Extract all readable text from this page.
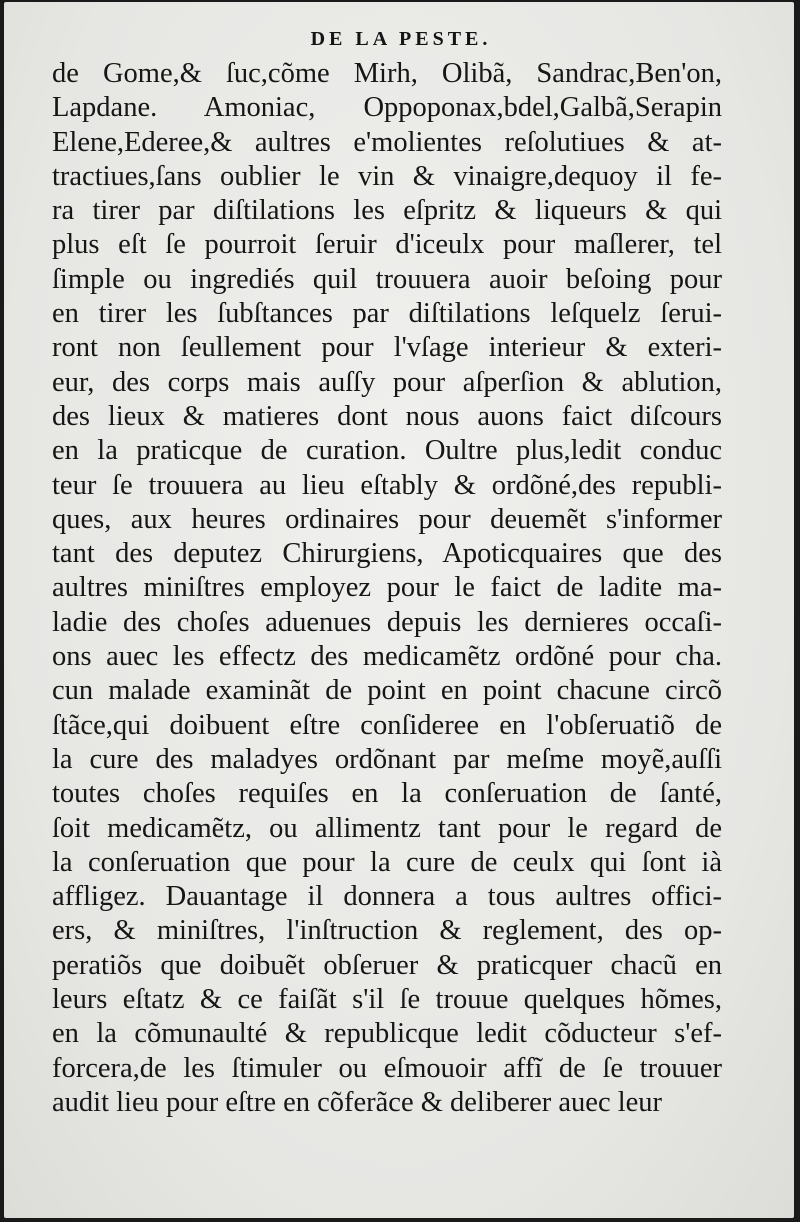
DE LA PESTE.
de Gome,& ſuc,cõme Mirh, Olibã, Sandrac,Ben'on,
Lapdane. Amoniac, Oppoponax,bdel,Galbã,Serapin
Elene,Ederee,& aultres e'molientes reſolutiues & at-
tractiues,ſans oublier le vin & vinaigre,dequoy il fe-
ra tirer par diſtilations les eſpritz & liqueurs & qui
plus eſt ſe pourroit ſeruir d'iceulx pour maſlerer, tel
ſimple ou ingrediés quil trouuera auoir beſoing pour
en tirer les ſubſtances par diſtilations leſquelz ſerui-
ront non ſeullement pour l'vſage interieur & exteri-
eur, des corps mais auſſy pour aſperſion & ablution,
des lieux & matieres dont nous auons faict diſcours
en la praticque de curation. Oultre plus,ledit conduc
teur ſe trouuera au lieu eſtably & ordõné,des republi-
ques, aux heures ordinaires pour deuemẽt s'informer
tant des deputez Chirurgiens, Apoticquaires que des
aultres miniſtres employez pour le faict de ladite ma-
ladie des choſes aduenues depuis les dernieres occaſi-
ons auec les effectz des medicamẽtz ordõné pour cha.
cun malade examinãt de point en point chacune circõ
ſtãce,qui doibuent eſtre conſideree en l'obſeruatiõ de
la cure des maladyes ordõnant par meſme moyẽ,auſſi
toutes choſes requiſes en la conſeruation de ſanté,
ſoit medicamẽtz, ou allimentz tant pour le regard de
la conſeruation que pour la cure de ceulx qui ſont ià
affligez. Dauantage il donnera a tous aultres offici-
ers, & miniſtres, l'inſtruction & reglement, des op-
peratiõs que doibuẽt obſeruer & praticquer chacũ en
leurs eſtatz & ce faiſãt s'il ſe trouue quelques hõmes,
en la cõmunaulté & republicque ledit cõducteur s'ef-
forcera,de les ſtimuler ou eſmouoir affĩ de ſe trouuer
audit lieu pour eſtre en cõferãce & deliberer auec leur
